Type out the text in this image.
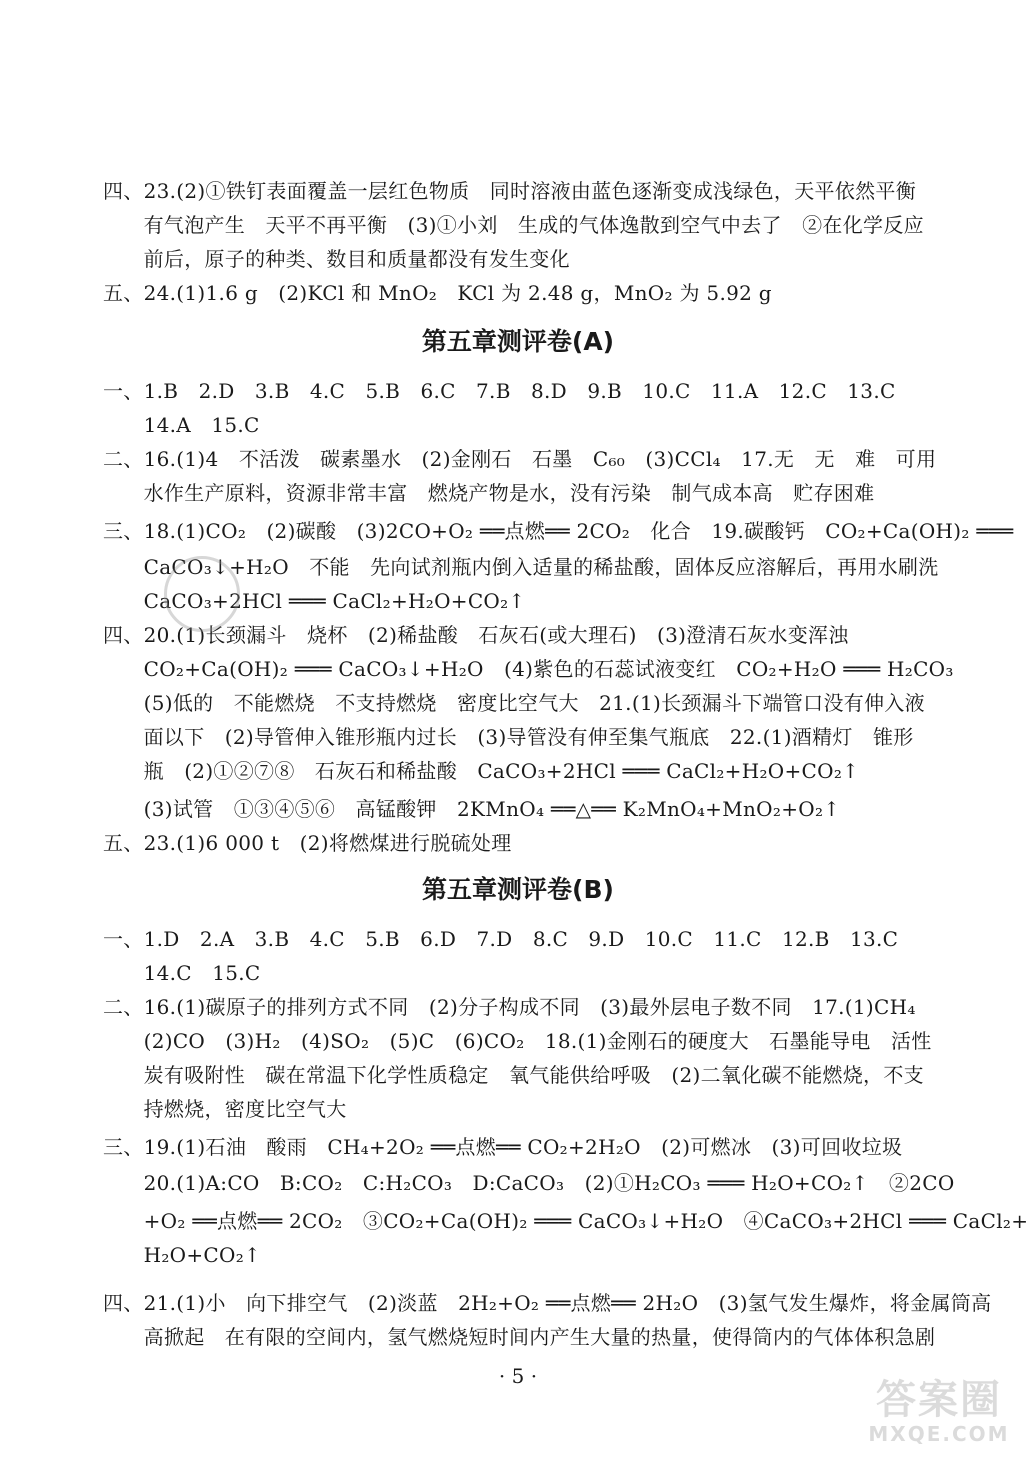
四、23.(2)①铁钉表面覆盖一层红色物质　同时溶液由蓝色逐渐变成浅绿色，天平依然平衡
　　有气泡产生　天平不再平衡　(3)①小刘　生成的气体逸散到空气中去了　②在化学反应
　　前后，原子的种类、数目和质量都没有发生变化
五、24.(1)1.6 g　(2)KCl 和 MnO₂　KCl 为 2.48 g，MnO₂ 为 5.92 g
第五章测评卷(A)
一、1.B　2.D　3.B　4.C　5.B　6.C　7.B　8.D　9.B　10.C　11.A　12.C　13.C
　　14.A　15.C
二、16.(1)4　不活泼　碳素墨水　(2)金刚石　石墨　C₆₀　(3)CCl₄　17.无　无　难　可用
　　水作生产原料，资源非常丰富　燃烧产物是水，没有污染　制气成本高　贮存困难
三、18.(1)CO₂　(2)碳酸　(3)2CO+O₂ ══点燃══ 2CO₂　化合　19.碳酸钙　CO₂+Ca(OH)₂ ═══
　　CaCO₃↓+H₂O　不能　先向试剂瓶内倒入适量的稀盐酸，固体反应溶解后，再用水刷洗
　　CaCO₃+2HCl ═══ CaCl₂+H₂O+CO₂↑
四、20.(1)长颈漏斗　烧杯　(2)稀盐酸　石灰石(或大理石)　(3)澄清石灰水变浑浊
　　CO₂+Ca(OH)₂ ═══ CaCO₃↓+H₂O　(4)紫色的石蕊试液变红　CO₂+H₂O ═══ H₂CO₃
　　(5)低的　不能燃烧　不支持燃烧　密度比空气大　21.(1)长颈漏斗下端管口没有伸入液
　　面以下　(2)导管伸入锥形瓶内过长　(3)导管没有伸至集气瓶底　22.(1)酒精灯　锥形
　　瓶　(2)①②⑦⑧　石灰石和稀盐酸　CaCO₃+2HCl ═══ CaCl₂+H₂O+CO₂↑
　　(3)试管　①③④⑤⑥　高锰酸钾　2KMnO₄ ══△══ K₂MnO₄+MnO₂+O₂↑
五、23.(1)6 000 t　(2)将燃煤进行脱硫处理
第五章测评卷(B)
一、1.D　2.A　3.B　4.C　5.B　6.D　7.D　8.C　9.D　10.C　11.C　12.B　13.C
　　14.C　15.C
二、16.(1)碳原子的排列方式不同　(2)分子构成不同　(3)最外层电子数不同　17.(1)CH₄
　　(2)CO　(3)H₂　(4)SO₂　(5)C　(6)CO₂　18.(1)金刚石的硬度大　石墨能导电　活性
　　炭有吸附性　碳在常温下化学性质稳定　氧气能供给呼吸　(2)二氧化碳不能燃烧，不支
　　持燃烧，密度比空气大
三、19.(1)石油　酸雨　CH₄+2O₂ ══点燃══ CO₂+2H₂O　(2)可燃冰　(3)可回收垃圾
　　20.(1)A:CO　B:CO₂　C:H₂CO₃　D:CaCO₃　(2)①H₂CO₃ ═══ H₂O+CO₂↑　②2CO
　　+O₂ ══点燃══ 2CO₂　③CO₂+Ca(OH)₂ ═══ CaCO₃↓+H₂O　④CaCO₃+2HCl ═══ CaCl₂+
　　H₂O+CO₂↑
四、21.(1)小　向下排空气　(2)淡蓝　2H₂+O₂ ══点燃══ 2H₂O　(3)氢气发生爆炸，将金属筒高
　　高掀起　在有限的空间内，氢气燃烧短时间内产生大量的热量，使得筒内的气体体积急剧
· 5 ·
答案圈
MXQE.COM
